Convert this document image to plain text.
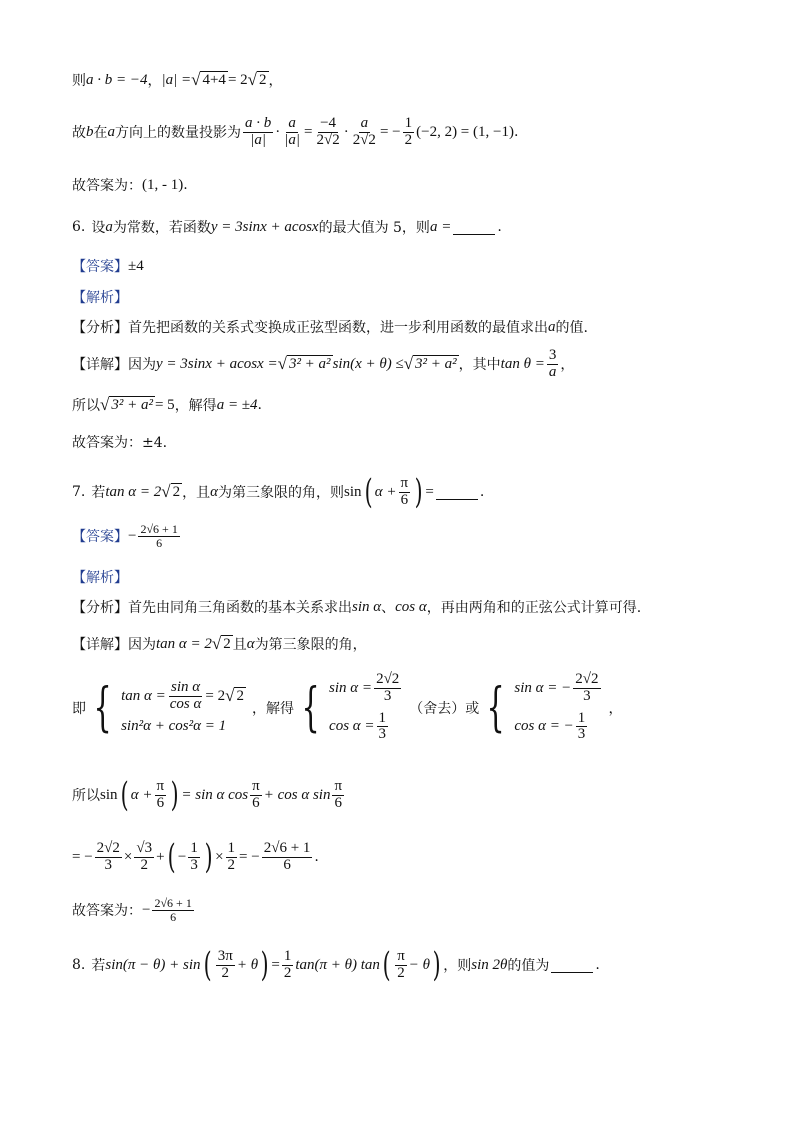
则 a · b = −4 ， |a| = √ 4+4 = 2 √ 2 ，
故 b 在 a 方向上的数量投影为 $\frac{a \cdot b}{|a|} \cdot \frac{a}{|a|} = \frac{-4}{2√2} \cdot \frac{a}{2√2}$ = − $\frac{1}{2} (-2$, 2) = (1, −1) .
故答案为： (1, - 1) .
6. 设 a 为常数，若函数 y = 3sinx + acosx 的最大值为 5，则 a =	.
【答案】 ±4
【解析】
【分析】 首先把函数的关系式变换成正弦型函数，进一步利用函数的最值求出 a 的值.
【详解】 因为 y = 3sinx + acosx = √ 3² + a² sin(x + θ) ≤ √ 3² + a² ，其中 $\tan \theta = \frac{3}{a}$ ，
所以 √ 3² + a² = 5 ，解得 a = ±4 .
故答案为：±4.
7. 若 tan α = 2 √ 2 ，且 α 为第三象限的角，则 sin ( $\alpha + \frac{\pi}{6}$ ) =	.
【答案】 − $\frac{2√6 + 1}{6}$
【解析】
【分析】 首先由同角三角函数的基本关系求出 sin α 、 cos α ，再由两角和的正弦公式计算可得.
【详解】 因为 tan α = 2 √ 2 且 α 为第三象限的角，
即 { $\tan \alpha = \frac{\text{sin α}}{\text{cos α}} = 2$ √ 2
sin²α + cos²α = 1
，解得 { $\sin \alpha = \frac{2√2}{3}$
$\cos \alpha = \frac{1}{3}$
（舍去）或 { sin α = − $\frac{2√2}{3}$
cos α = − $\frac{1}{3}$
，
所以 sin ( $\alpha + \frac{\pi}{6}$ ) = sin α $\cos \frac{\pi}{6} + \cos \alpha$ $\sin \frac{\pi}{6}$
= − $\frac{2√2}{3} \times \frac{√3}{2}$ + ( − $\frac{1}{3}$ ) × $\frac{1}{2}$ = − $\frac{2√6 + 1}{6}$ .
故答案为： − $\frac{2√6 + 1}{6}$
8. 若 sin(π − θ) + sin ( $\frac{3\pi}{2} + \theta$ ) = $\frac{1}{2} \tan(\pi + \theta)$ tan ( $\frac{\pi}{2} - \theta$ ) ，则 sin 2θ 的值为	.
